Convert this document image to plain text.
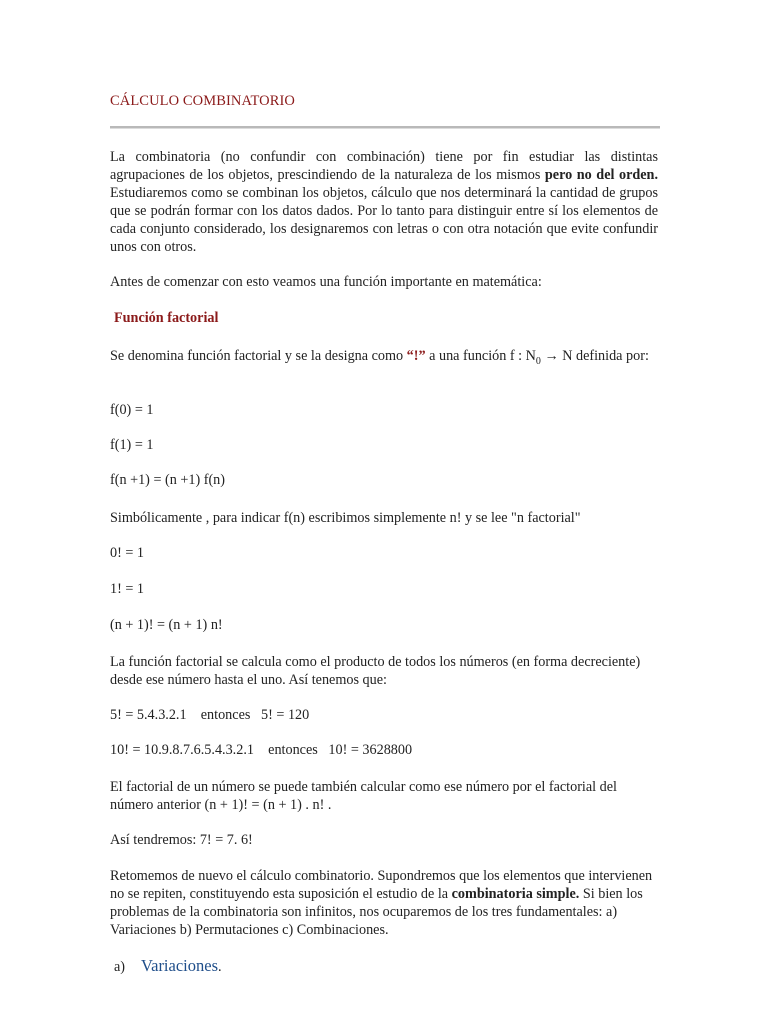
CÁLCULO COMBINATORIO
La combinatoria (no confundir con combinación) tiene por fin estudiar las distintas agrupaciones de los objetos, prescindiendo de la naturaleza de los mismos pero no del orden. Estudiaremos como se combinan los objetos, cálculo que nos determinará la cantidad de grupos que se podrán formar con los datos dados. Por lo tanto para distinguir entre sí los elementos de cada conjunto considerado, los designaremos con letras o con otra notación que evite confundir unos con otros.
Antes de comenzar con esto veamos una función importante en matemática:
Función factorial
Se denomina función factorial y se la designa como “!” a una función f : $N_0 \to N$ definida por:
f(0) = 1
f(1) = 1
f(n +1) = (n +1) f(n)
Simbólicamente , para indicar f(n) escribimos simplemente n! y se lee "n factorial"
0! = 1
1! = 1
(n + 1)! = (n + 1) n!
La función factorial se calcula como el producto de todos los números (en forma decreciente) desde ese número hasta el uno. Así tenemos que:
5! = 5.4.3.2.1    entonces   5! = 120
10! = 10.9.8.7.6.5.4.3.2.1    entonces   10! = 3628800
El factorial de un número se puede también calcular como ese número por el factorial del número anterior (n + 1)! = (n + 1) . n! .
Así tendremos: 7! = 7. 6!
Retomemos de nuevo el cálculo combinatorio. Supondremos que los elementos que intervienen no se repiten, constituyendo esta suposición el estudio de la combinatoria simple. Si bien los problemas de la combinatoria son infinitos, nos ocuparemos de los tres fundamentales: a) Variaciones b) Permutaciones c) Combinaciones.
a) Variaciones.
